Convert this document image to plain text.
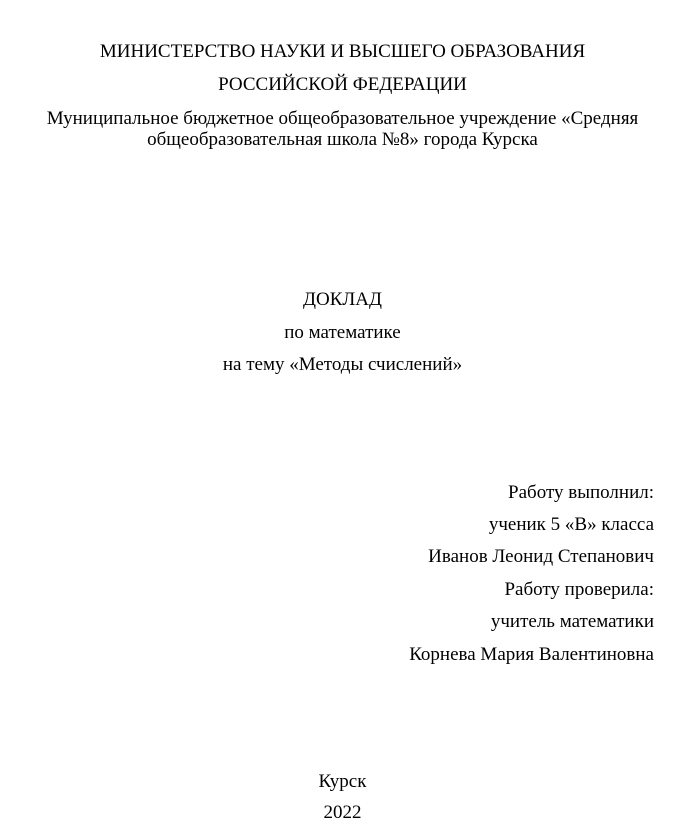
МИНИСТЕРСТВО НАУКИ И ВЫСШЕГО ОБРАЗОВАНИЯ
РОССИЙСКОЙ ФЕДЕРАЦИИ
Муниципальное бюджетное общеобразовательное учреждение «Средняя
общеобразовательная школа №8» города Курска
ДОКЛАД
по математике
на тему «Методы счислений»
Работу выполнил:
ученик 5 «В» класса
Иванов Леонид Степанович
Работу проверила:
учитель математики
Корнева Мария Валентиновна
Курск
2022
